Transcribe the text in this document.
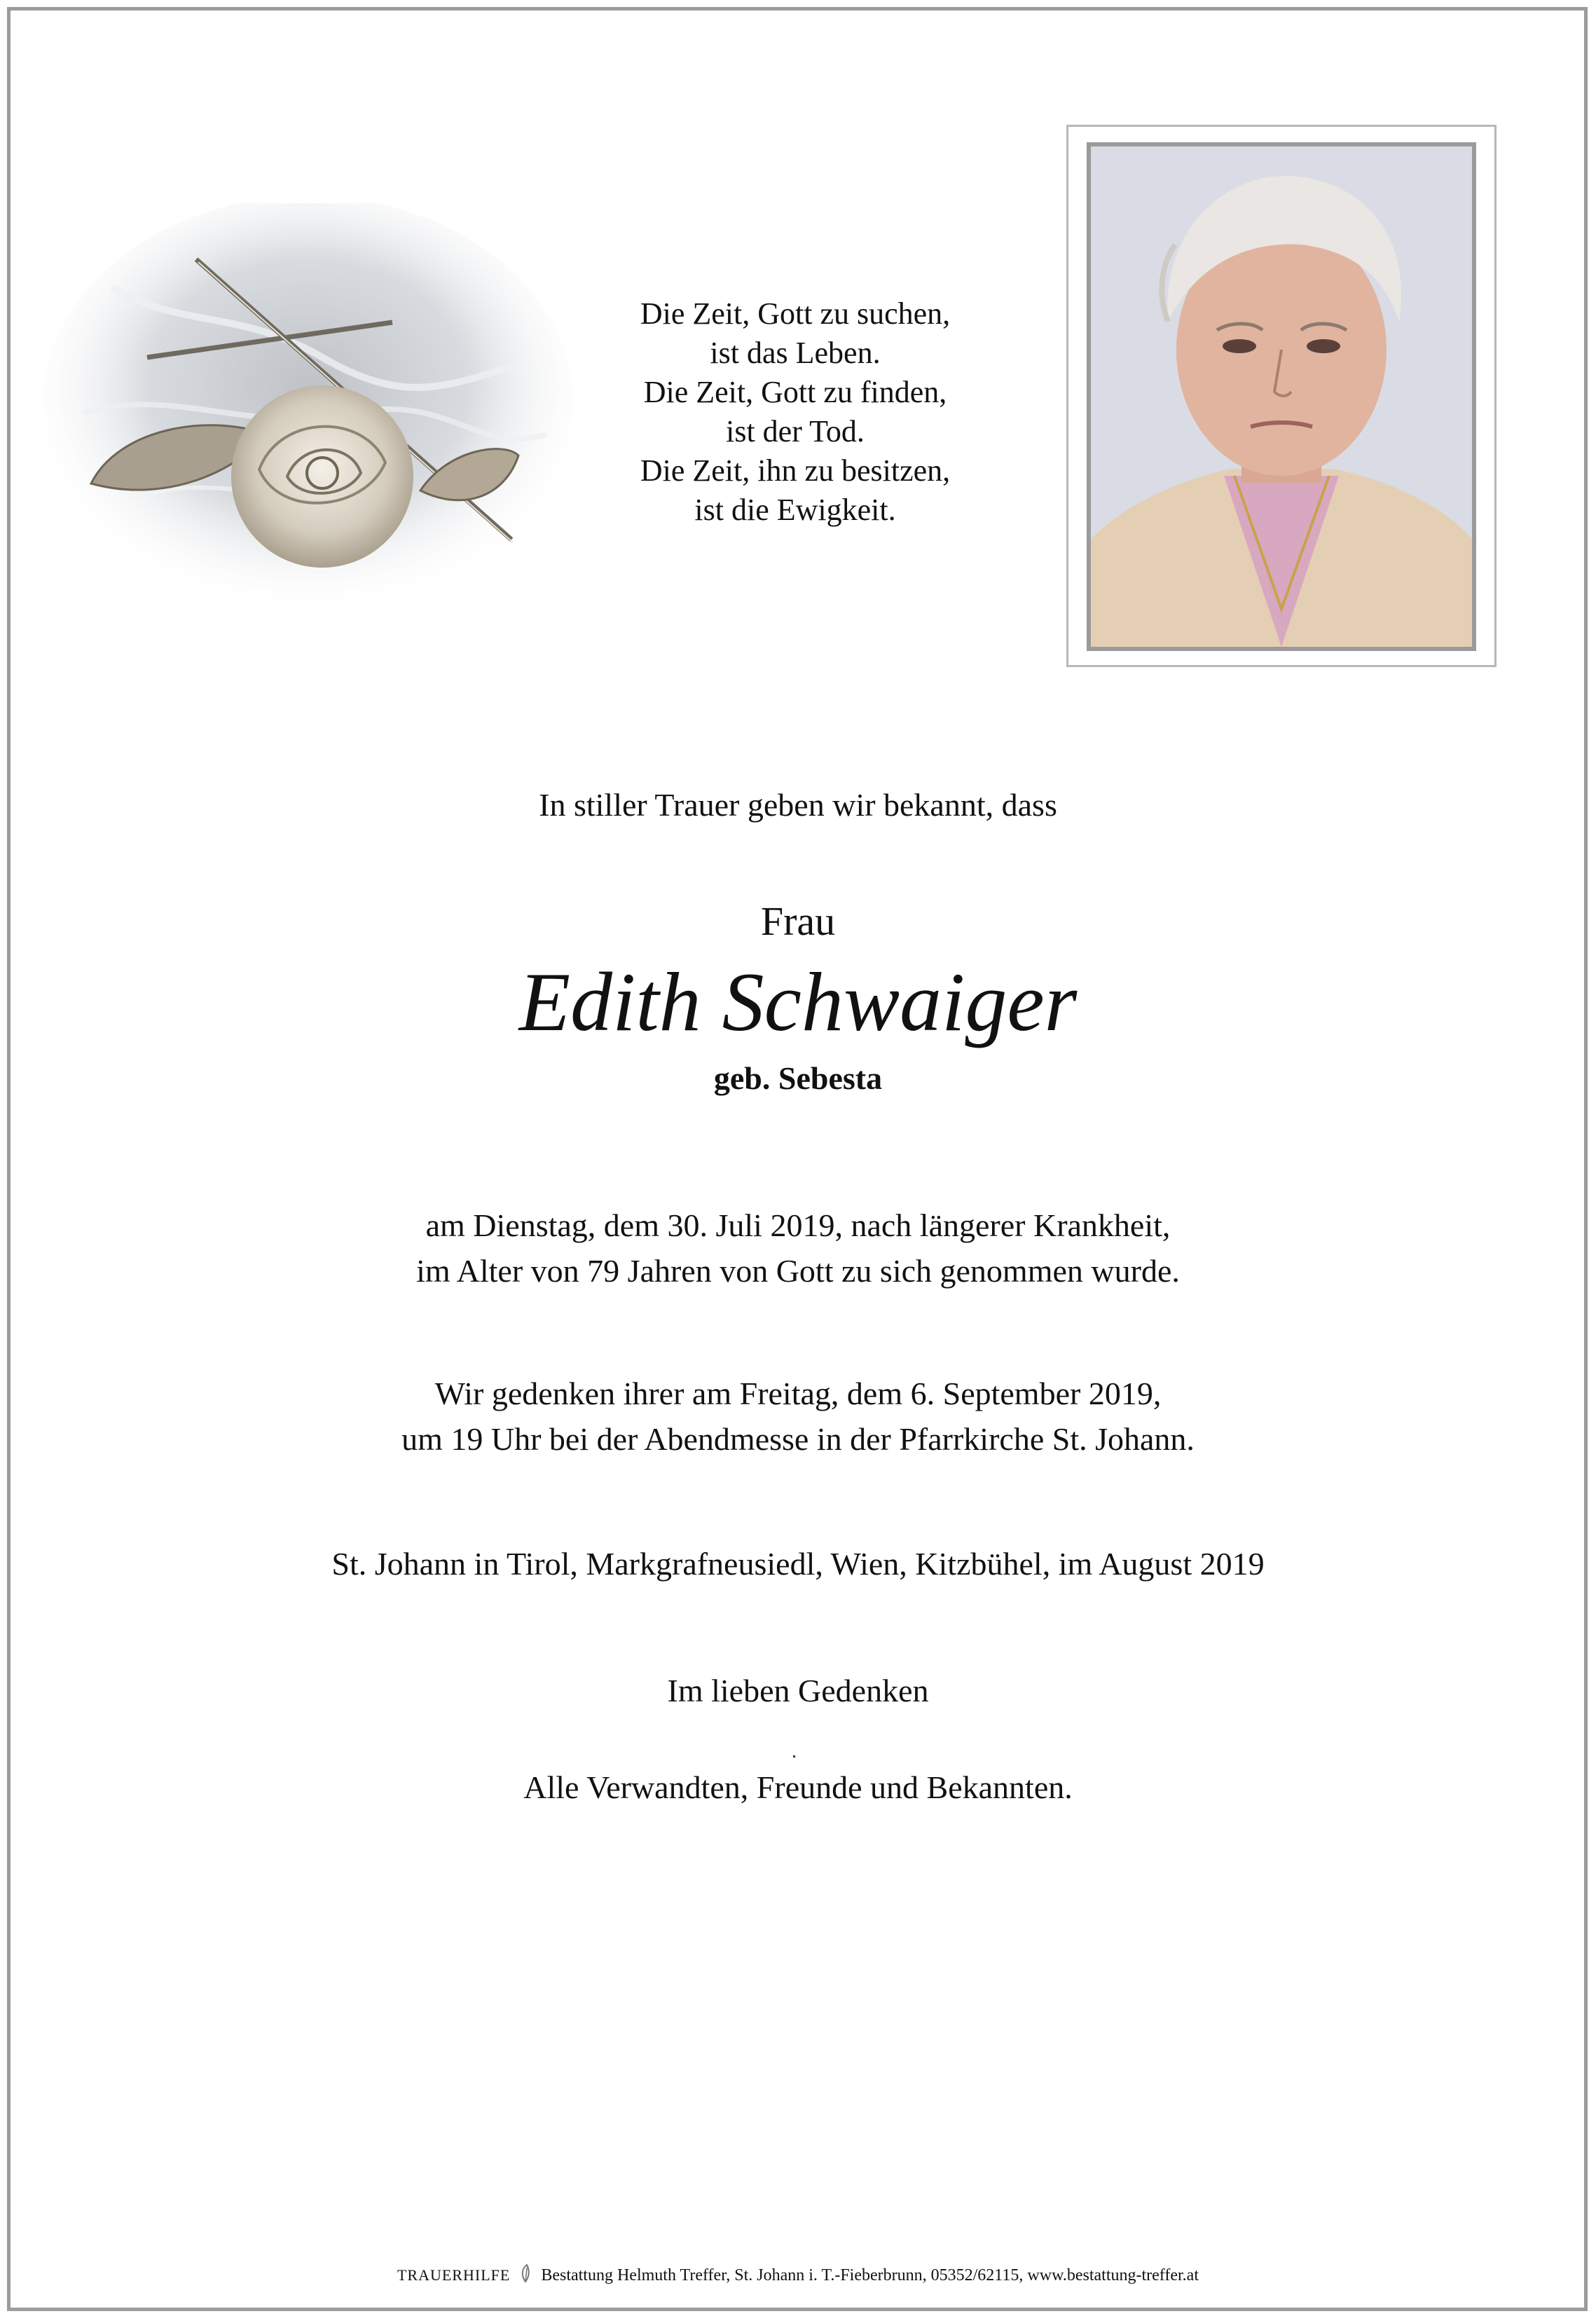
Die Zeit, Gott zu suchen,
ist das Leben.
Die Zeit, Gott zu finden,
ist der Tod.
Die Zeit, ihn zu besitzen,
ist die Ewigkeit.
In stiller Trauer geben wir bekannt, dass
Frau
Edith Schwaiger
geb. Sebesta
am Dienstag, dem 30. Juli 2019, nach längerer Krankheit,
im Alter von 79 Jahren von Gott zu sich genommen wurde.
Wir gedenken ihrer am Freitag, dem 6. September 2019,
um 19 Uhr bei der Abendmesse in der Pfarrkirche St. Johann.
St. Johann in Tirol, Markgrafneusiedl, Wien, Kitzbühel, im August 2019
Im lieben Gedenken
Alle Verwandten, Freunde und Bekannten.
TRAUERHILFE Bestattung Helmuth Treffer, St. Johann i. T.-Fieberbrunn, 05352/62115, www.bestattung-treffer.at
